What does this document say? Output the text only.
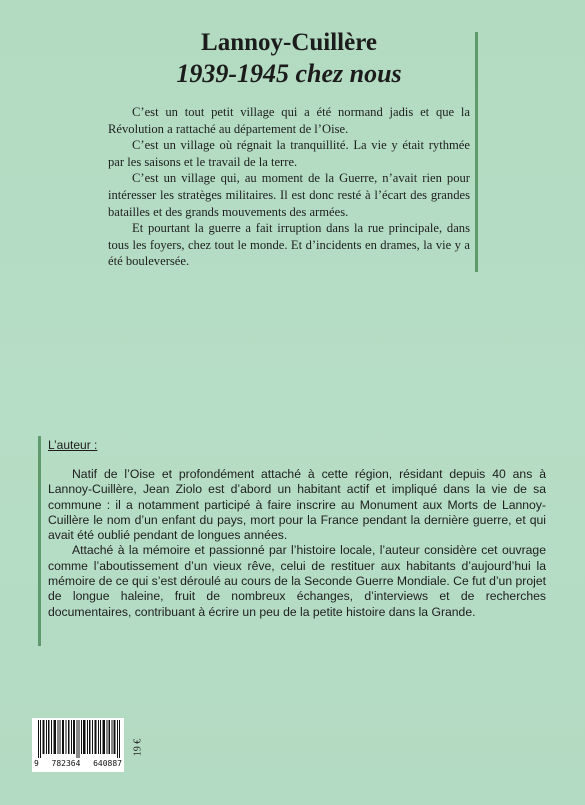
Lannoy-Cuillère
1939-1945 chez nous

C’est un tout petit village qui a été normand jadis et que la Révolution a rattaché au département de l’Oise.

C’est un village où régnait la tranquillité. La vie y était rythmée par les saisons et le travail de la terre.

C’est un village qui, au moment de la Guerre, n’avait rien pour intéresser les stratèges militaires. Il est donc resté à l’écart des grandes batailles et des grands mouvements des armées.

Et pourtant la guerre a fait irruption dans la rue principale, dans tous les foyers, chez tout le monde. Et d’incidents en drames, la vie y a été bouleversée.

L’auteur :

Natif de l’Oise et profondément attaché à cette région, résidant depuis 40 ans à Lannoy-Cuillère, Jean Ziolo est d’abord un habitant actif et impliqué dans la vie de sa commune : il a notamment participé à faire inscrire au Monument aux Morts de Lannoy-Cuillère le nom d’un enfant du pays, mort pour la France pendant la dernière guerre, et qui avait été oublié pendant de longues années.

Attaché à la mémoire et passionné par l’histoire locale, l’auteur considère cet ouvrage comme l’aboutissement d’un vieux rêve, celui de restituer aux habitants d’aujourd’hui la mémoire de ce qui s’est déroulé au cours de la Seconde Guerre Mondiale. Ce fut d’un projet de longue haleine, fruit de nombreux échanges, d’interviews et de recherches documentaires, contribuant à écrire un peu de la petite histoire dans la Grande.

9 782364 640887
19 €
